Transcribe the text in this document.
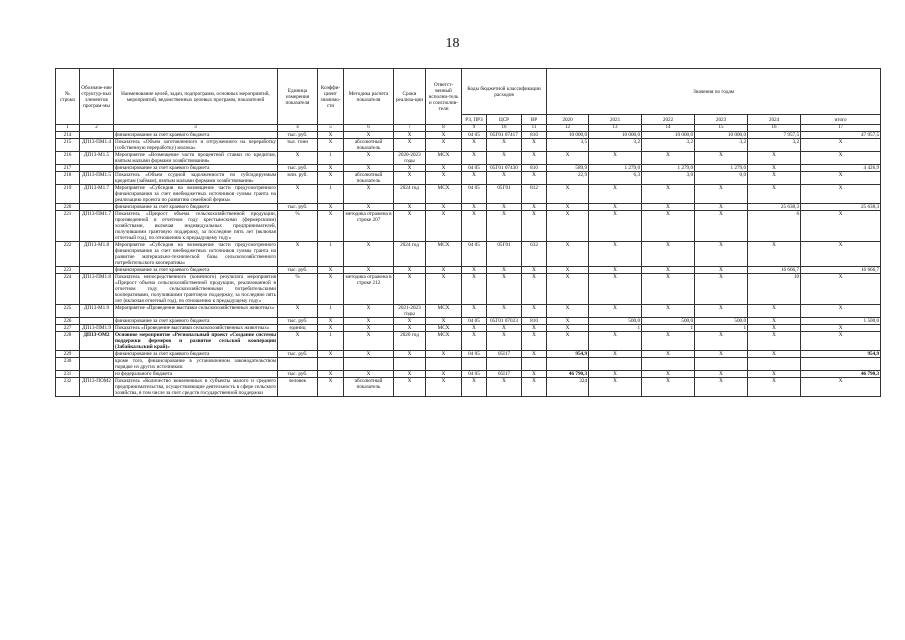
18
№ строки	Обозначе-ние структур-ных элементов програм-мы	Наименование целей, задач, подпрограмм, основных мероприятий, мероприятий, ведомственных целевых программ, показателей	Единица измерения показателя	Коэффи-циент значимо-сти	Методика расчета показателя	Сроки реализа-ции	Ответст-венный исполни-тель и соисполни-тели	Коды бюджетной классификации расходов			Значения по годам					
								РЗ, ПРЗ	ЦСР	ВР	2020	2021	2022	2023	2024	итого
1	2	3	4	5	6	7	8	9	10	11	12	13	14	15	16	17
214		финансирование за счет краевого бюджета	тыс. руб.	X	X	X	X	04 05	05Г01 07417	810	10 000,0	10 000,0	10 000,0	10 000,0	7 957,5	47 957,5
215	ДП13-ПМ1.4	Показатель «Объем заготовленного и отгруженного на переработку (собственную переработку) молока»	тыс. тонн	X	абсолютный показатель	X	X	X	X	X	3,5	3,2	3,2	3,2	3,2	X
216	ДП13-М1.5	Мероприятие «Возмещение части процентной ставки по кредитам, взятым малыми формами хозяйствования»	X	1	X	2020-2023 годы	МСХ	X	X	X	X	X	X	X	X	X
217		финансирование за счет краевого бюджета	тыс. руб.	X	X	X	X	04 05	05Г01 07430	810	589,9	1 279,0	1 279,0	1 279,0	X	4 426,9
218	ДП13-ПМ1.5	Показатель «Объем ссудной задолженности по субсидируемым кредитам (займам), взятым малыми формами хозяйствования»	млн. руб.	X	абсолютный показатель	X	X	X	X	X	22,9	6,3	3,0	0,0	X	X
219	ДП13-М1.7	Мероприятие «Субсидия на возмещение части предусмотренного финансирования за счет внебюджетных источников суммы гранта на реализацию проекта по развитию семейной фермы»	X	1	X	2024 год	МСХ	04 05	05Г01	812	X	X	X	X	X	X
220		финансирование за счет краевого бюджета	тыс. руб.	X	X	X	X	X	X	X	X	X	X	X	25 638,3	25 638,3
221	ДП13-ПМ1.7	Показатель «Прирост объема сельскохозяйственной продукции, произведенной в отчетном году крестьянскими (фермерскими) хозяйствами, включая индивидуальных предпринимателей, получившими грантовую поддержку, за последние пять лет (включая отчетный год), по отношению к предыдущему году»	%	X	методика отражена в строке 207	X	X	X	X	X	X	X	X	X	6	X
222	ДП13-М1.8	Мероприятие «Субсидия на возмещение части предусмотренного финансирования за счет внебюджетных источников суммы гранта на развитие материально-технической базы сельскохозяйственного потребительского кооператива»	X	1	X	2024 год	МСХ	04 05	05Г01	632	X	X	X	X	X	X
223		финансирование за счет краевого бюджета	тыс. руб.	X	X	X	X	X	X	X	X	X	X	X	16 666,7	16 666,7
224	ДП13-ПМ1.8	Показатель непосредственного (конечного) результата мероприятия «Прирост объема сельскохозяйственной продукции, реализованной в отчетном году сельскохозяйственными потребительскими кооперативами, получившими грантовую поддержку, за последние пять лет (включая отчетный год), по отношению к предыдущему году»	%	X	методика отражена в строке 212	X	X	X	X	X	X	X	X	X	10	X
225	ДП13-М1.9	Мероприятие «Проведение выставки сельскохозяйственных животных»	X	1	X	2021-2023 годы	МСХ	X	X	X	X	X	X	X	X	X
226		финансирование за счет краевого бюджета	тыс. руб.	X	X	X	X	04 05	05Г01 07023	810	X	500,0	500,0	500,0	X	1 500,0
227	ДП13-ПМ1.9	Показатель «Проведение выставки сельскохозяйственных животных»	единиц	X	X	X	МСХ	X	X	X	X	1	1	1	X	X
228	ДП13-ОМ2	Основное мероприятие «Региональный проект «Создание системы поддержки фермеров и развитие сельской кооперации (Забайкальский край)»	X	1	X	2020 год	МСХ	X	X	X	X	X	X	X	X	X
229		финансирование за счет краевого бюджета	тыс. руб.	X	X	X	X	04 05	05I17	X	954,9	X	X	X	X	954,9
230		кроме того, финансирование в установленном законодательством порядке из других источников:														
231		из федерального бюджета	тыс. руб.	X	X	X	X	04 05	05I17	X	46 790,3	X	X	X	X	46 790,3
232	ДП13-ПОМ2	Показатель «Количество вовлеченных в субъекты малого и среднего предпринимательства, осуществляющие деятельность в сфере сельского хозяйства, в том числе за счет средств государственной поддержки	человек	X	абсолютный показатель	X	X	X	X	X	324	X	X	X	X	X
